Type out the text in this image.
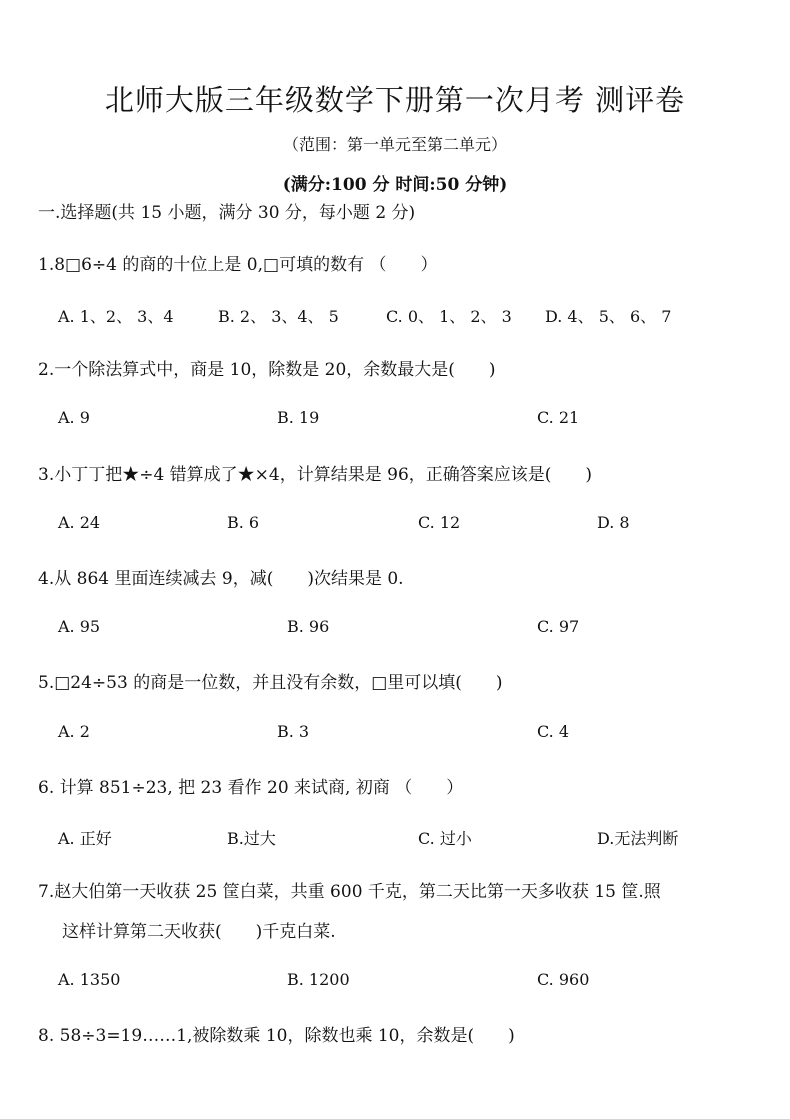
北师大版三年级数学下册第一次月考 测评卷
（范围：第一单元至第二单元）
(满分:100 分 时间:50 分钟)
一.选择题(共 15 小题，满分 30 分，每小题 2 分)
1.8□6÷4 的商的十位上是 0,□可填的数有 （　　）
A. 1、2、 3、4	B. 2、 3、4、 5	C. 0、 1、 2、 3 D. 4、 5、 6、 7
2.一个除法算式中，商是 10，除数是 20，余数最大是(　　)
A. 9	B. 19	C. 21
3.小丁丁把★÷4 错算成了★×4，计算结果是 96，正确答案应该是(　　)
A. 24	B. 6	C. 12	D. 8
4.从 864 里面连续减去 9，减(　　)次结果是 0.
A. 95	B. 96	C. 97
5.□24÷53 的商是一位数，并且没有余数，□里可以填(　　)
A. 2	B. 3	C. 4
6. 计算 851÷23, 把 23 看作 20 来试商, 初商 （　　）
A. 正好	B.过大	C. 过小	D.无法判断
7.赵大伯第一天收获 25 筐白菜，共重 600 千克，第二天比第一天多收获 15 筐.照
这样计算第二天收获(　　)千克白菜.
A. 1350	B. 1200	C. 960
8. 58÷3=19……1,被除数乘 10，除数也乘 10，余数是(　　)
